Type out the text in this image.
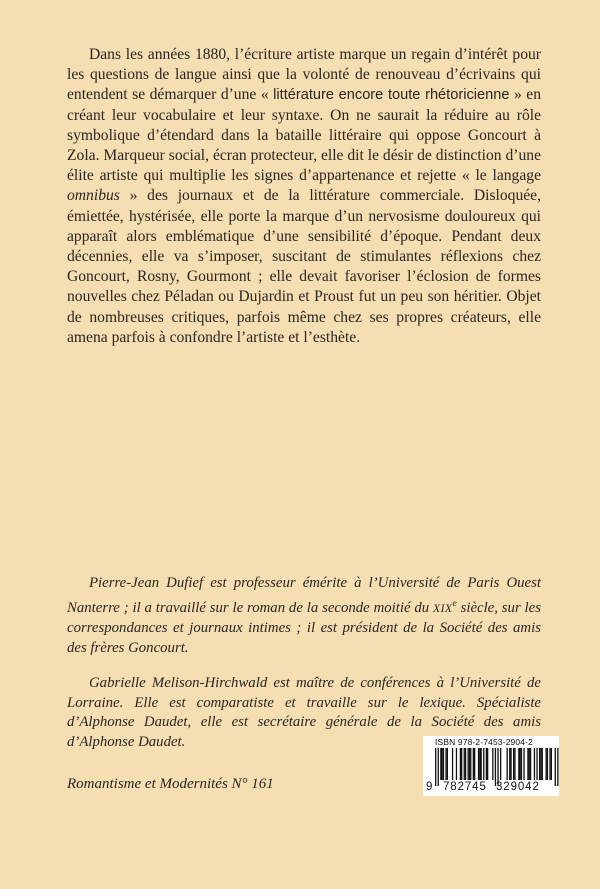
Dans les années 1880, l’écriture artiste marque un regain d’intérêt pour les questions de langue ainsi que la volonté de renouveau d’écrivains qui entendent se démarquer d’une « littérature encore toute rhétoricienne » en créant leur vocabulaire et leur syntaxe. On ne saurait la réduire au rôle symbolique d’étendard dans la bataille littéraire qui oppose Goncourt à Zola. Marqueur social, écran protecteur, elle dit le désir de distinction d’une élite artiste qui multiplie les signes d’appartenance et rejette « le langage omnibus » des journaux et de la littérature commerciale. Disloquée, émiettée, hystérisée, elle porte la marque d’un nervosisme douloureux qui apparaît alors emblématique d’une sensibilité d’époque. Pendant deux décennies, elle va s’imposer, suscitant de stimulantes réflexions chez Goncourt, Rosny, Gourmont ; elle devait favoriser l’éclosion de formes nouvelles chez Péladan ou Dujardin et Proust fut un peu son héritier. Objet de nombreuses critiques, parfois même chez ses propres créateurs, elle amena parfois à confondre l’artiste et l’esthète.

Pierre-Jean Dufief est professeur émérite à l’Université de Paris Ouest Nanterre ; il a travaillé sur le roman de la seconde moitié du XIXe siècle, sur les correspondances et journaux intimes ; il est président de la Société des amis des frères Goncourt.

Gabrielle Melison-Hirchwald est maître de conférences à l’Université de Lorraine. Elle est comparatiste et travaille sur le lexique. Spécialiste d’Alphonse Daudet, elle est secrétaire générale de la Société des amis d’Alphonse Daudet.

Romantisme et Modernités N° 161
ISBN 978-2-7453-2904-2
9 782745 329042
